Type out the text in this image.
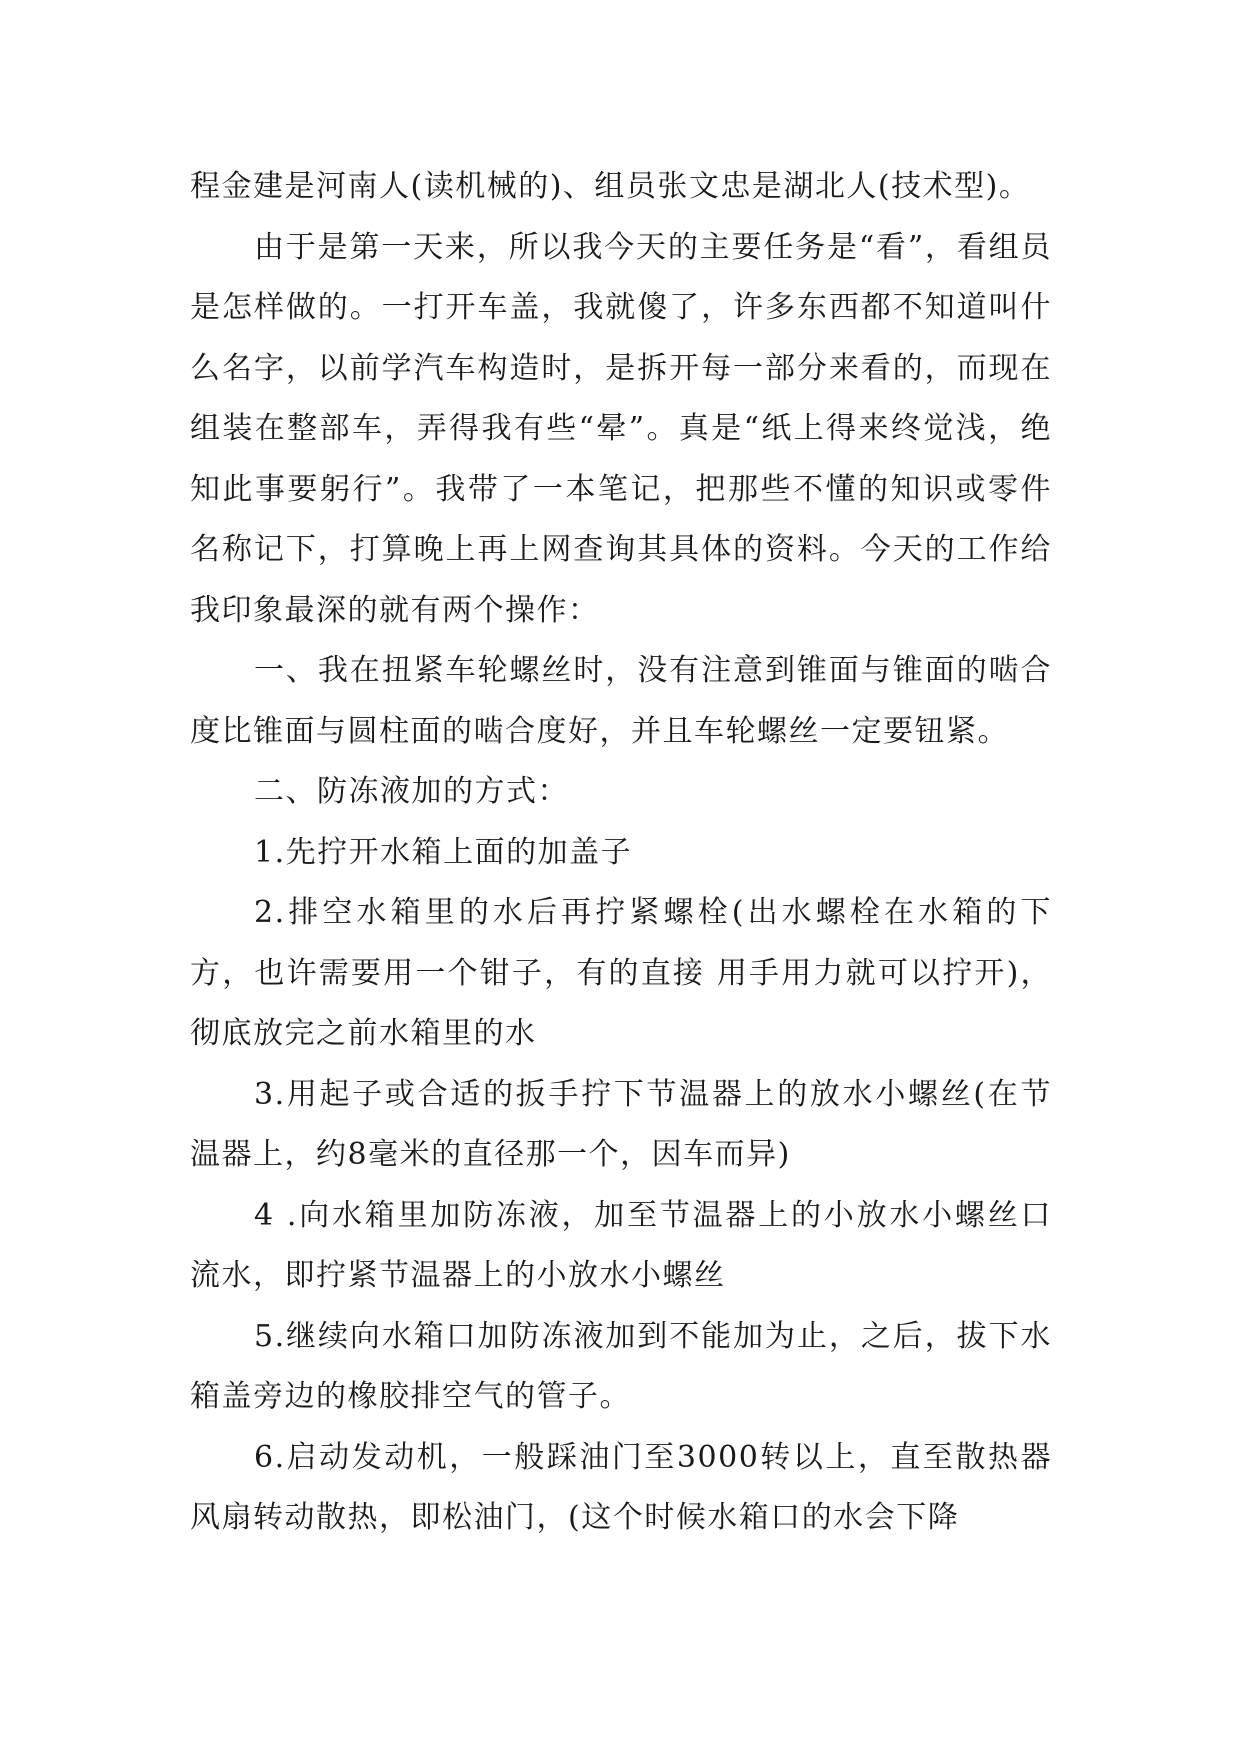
程金建是河南人(读机械的)、组员张文忠是湖北人(技术型)。

由于是第一天来，所以我今天的主要任务是“看”，看组员是怎样做的。一打开车盖，我就傻了，许多东西都不知道叫什么名字，以前学汽车构造时，是拆开每一部分来看的，而现在组装在整部车，弄得我有些“晕”。真是“纸上得来终觉浅，绝知此事要躬行”。我带了一本笔记，把那些不懂的知识或零件名称记下，打算晚上再上网查询其具体的资料。今天的工作给我印象最深的就有两个操作：

一、我在扭紧车轮螺丝时，没有注意到锥面与锥面的啮合度比锥面与圆柱面的啮合度好，并且车轮螺丝一定要钮紧。

二、防冻液加的方式：

1.先拧开水箱上面的加盖子

2.排空水箱里的水后再拧紧螺栓(出水螺栓在水箱的下方，也许需要用一个钳子，有的直接 用手用力就可以拧开)，彻底放完之前水箱里的水

3.用起子或合适的扳手拧下节温器上的放水小螺丝(在节温器上，约8毫米的直径那一个，因车而异)

4 .向水箱里加防冻液，加至节温器上的小放水小螺丝口流水，即拧紧节温器上的小放水小螺丝

5.继续向水箱口加防冻液加到不能加为止，之后，拔下水箱盖旁边的橡胶排空气的管子。

6.启动发动机，一般踩油门至3000转以上，直至散热器风扇转动散热，即松油门，(这个时候水箱口的水会下降
